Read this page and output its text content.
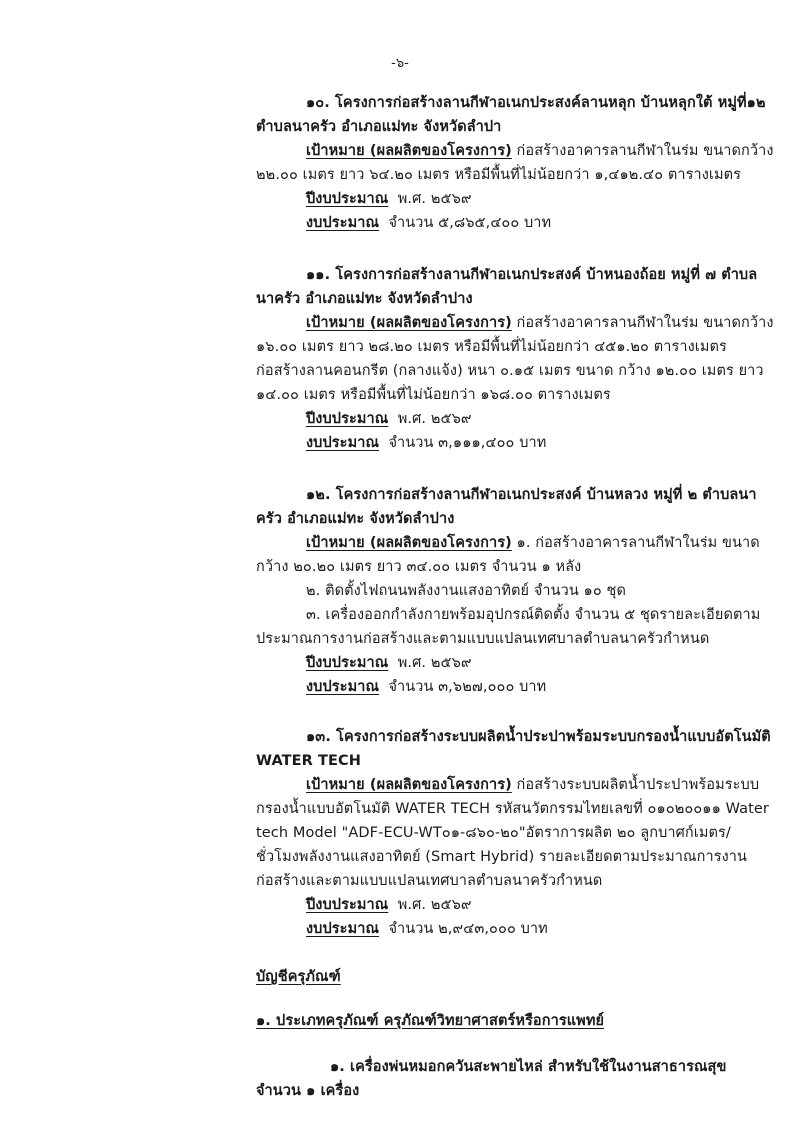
-๖-
๑๐. โครงการก่อสร้างลานกีฬาอเนกประสงค์ลานหลุก บ้านหลุกใต้ หมู่ที่๑๒
ตำบลนาครัว อำเภอแม่ทะ จังหวัดลำปา
เป้าหมาย (ผลผลิตของโครงการ) ก่อสร้างอาคารลานกีฬาในร่ม ขนาดกว้าง
๒๒.๐๐ เมตร ยาว ๖๔.๒๐ เมตร หรือมีพื้นที่ไม่น้อยกว่า ๑,๔๑๒.๔๐ ตารางเมตร
ปีงบประมาณ พ.ศ. ๒๕๖๙
งบประมาณ จำนวน ๕,๘๖๕,๔๐๐ บาท
๑๑. โครงการก่อสร้างลานกีฬาอเนกประสงค์ บ้าหนองถ้อย หมู่ที่ ๗ ตำบล
นาครัว อำเภอแม่ทะ จังหวัดลำปาง
เป้าหมาย (ผลผลิตของโครงการ) ก่อสร้างอาคารลานกีฬาในร่ม ขนาดกว้าง
๑๖.๐๐ เมตร ยาว ๒๘.๒๐ เมตร หรือมีพื้นที่ไม่น้อยกว่า ๔๕๑.๒๐ ตารางเมตร
ก่อสร้างลานคอนกรีต (กลางแจ้ง) หนา ๐.๑๕ เมตร ขนาด กว้าง ๑๒.๐๐ เมตร ยาว
๑๔.๐๐ เมตร หรือมีพื้นที่ไม่น้อยกว่า ๑๖๘.๐๐ ตารางเมตร
ปีงบประมาณ พ.ศ. ๒๕๖๙
งบประมาณ จำนวน ๓,๑๑๑,๔๐๐ บาท
๑๒. โครงการก่อสร้างลานกีฬาอเนกประสงค์ บ้านหลวง หมู่ที่ ๒ ตำบลนา
ครัว อำเภอแม่ทะ จังหวัดลำปาง
เป้าหมาย (ผลผลิตของโครงการ) ๑. ก่อสร้างอาคารลานกีฬาในร่ม ขนาด
กว้าง ๒๐.๒๐ เมตร ยาว ๓๔.๐๐ เมตร จำนวน ๑ หลัง
๒. ติดตั้งไฟถนนพลังงานแสงอาทิตย์ จำนวน ๑๐ ชุด
๓. เครื่องออกกำลังกายพร้อมอุปกรณ์ติดตั้ง จำนวน ๕ ชุดรายละเอียดตาม
ประมาณการงานก่อสร้างและตามแบบแปลนเทศบาลตำบลนาครัวกำหนด
ปีงบประมาณ พ.ศ. ๒๕๖๙
งบประมาณ จำนวน ๓,๖๒๗,๐๐๐ บาท
๑๓. โครงการก่อสร้างระบบผลิตน้ำประปาพร้อมระบบกรองน้ำแบบอัตโนมัติ
WATER TECH
เป้าหมาย (ผลผลิตของโครงการ) ก่อสร้างระบบผลิตน้ำประปาพร้อมระบบ
กรองน้ำแบบอัตโนมัติ WATER TECH รหัสนวัตกรรมไทยเลขที่ ๐๑๐๒๐๐๑๑ Water
tech Model "ADF-ECU-WT๐๑-๘๖๐-๒๐"อัตราการผลิต ๒๐ ลูกบาศก์เมตร/
ชั่วโมงพลังงานแสงอาทิตย์ (Smart Hybrid) รายละเอียดตามประมาณการงาน
ก่อสร้างและตามแบบแปลนเทศบาลตำบลนาครัวกำหนด
ปีงบประมาณ พ.ศ. ๒๕๖๙
งบประมาณ จำนวน ๒,๙๔๓,๐๐๐ บาท
บัญชีครุภัณฑ์
๑. ประเภทครุภัณฑ์ ครุภัณฑ์วิทยาศาสตร์หรือการแพทย์
๑. เครื่องพ่นหมอกควันสะพายไหล่ สำหรับใช้ในงานสาธารณสุข
จำนวน ๑ เครื่อง
